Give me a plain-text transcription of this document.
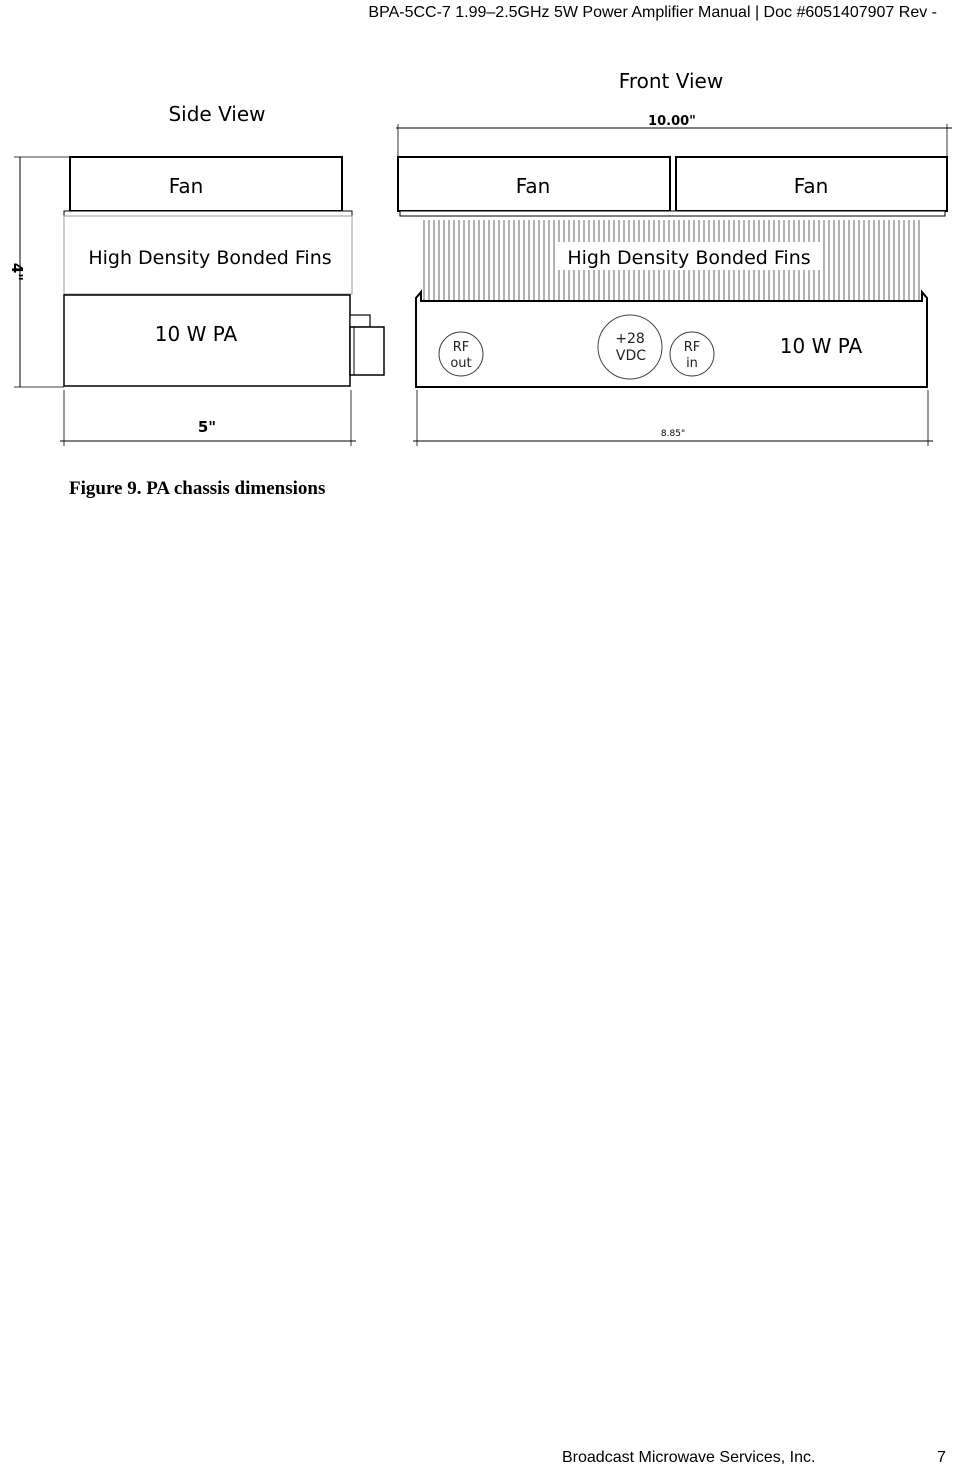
BPA-5CC-7 1.99–2.5GHz 5W Power Amplifier Manual | Doc #6051407907 Rev -
Side View
4"
Fan
High Density Bonded Fins
10 W PA
5"
Front View
10.00"
Fan	Fan
High Density Bonded Fins
10 W PA
RF
out
+28
VDC
RF
in
8.85"
Figure 9. PA chassis dimensions
Broadcast Microwave Services, Inc.	7
